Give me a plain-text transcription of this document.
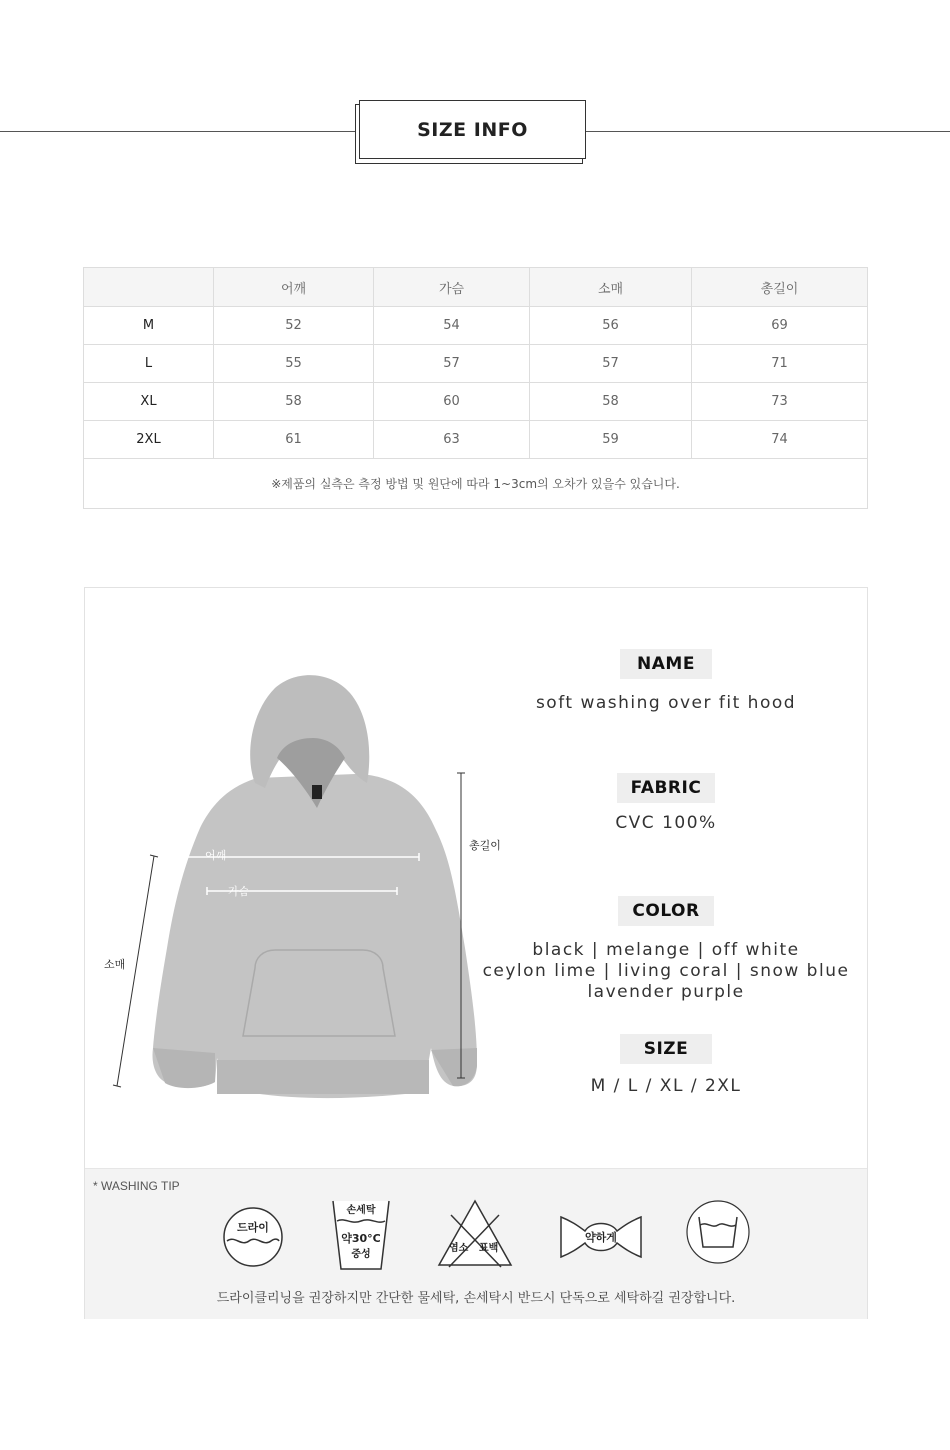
SIZE INFO
	어깨	가슴	소매	총길이
M	52	54	56	69
L	55	57	57	71
XL	58	60	58	73
2XL	61	63	59	74
※제품의 실측은 측정 방법 및 원단에 따라 1~3cm의 오차가 있을수 있습니다.				
어깨
가슴
소매
총길이
NAME
soft washing over fit hood
FABRIC
CVC 100%
COLOR
black | melange | off white
ceylon lime | living coral | snow blue
lavender purple
SIZE
M / L / XL / 2XL
* WASHING TIP
드라이
손세탁
약30°C
중성
염소 표백
약하게
드라이클리닝을 권장하지만 간단한 물세탁, 손세탁시 반드시 단독으로 세탁하길 권장합니다.
